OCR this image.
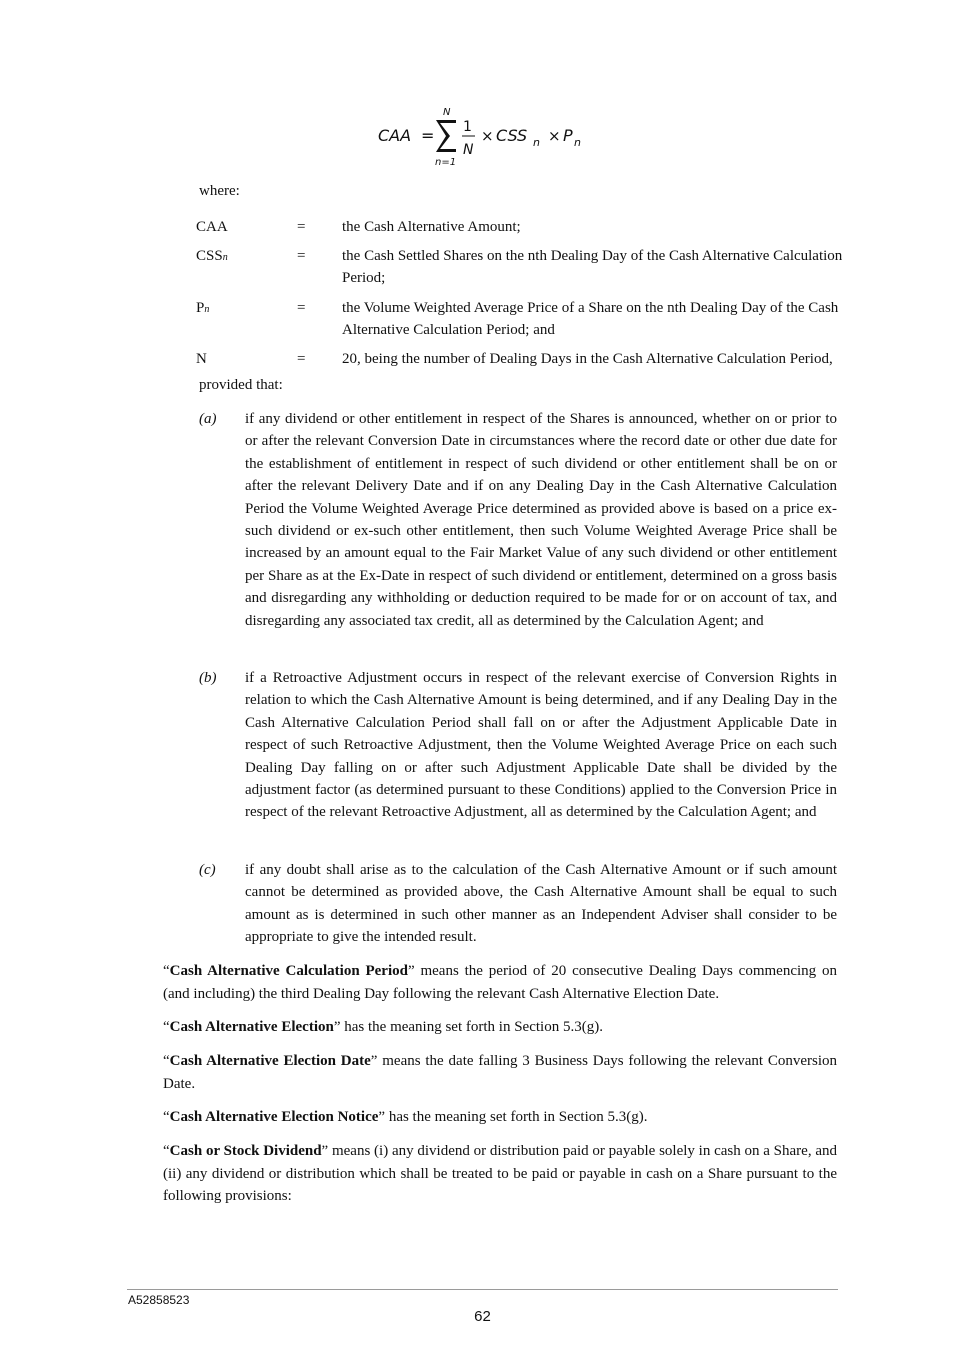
CAA =
N
n=1
1
N
× CSS n × P n
where:
CAA	= the Cash Alternative Amount;
CSSn	= the Cash Settled Shares on the nth Dealing Day of the Cash Alternative Calculation Period;
Pn	= the Volume Weighted Average Price of a Share on the nth Dealing Day of the Cash Alternative Calculation Period; and
N	= 20, being the number of Dealing Days in the Cash Alternative Calculation Period,
provided that:
(a) if any dividend or other entitlement in respect of the Shares is announced, whether on or prior to or after the relevant Conversion Date in circumstances where the record date or other due date for the establishment of entitlement in respect of such dividend or other entitlement shall be on or after the relevant Delivery Date and if on any Dealing Day in the Cash Alternative Calculation Period the Volume Weighted Average Price determined as provided above is based on a price ex-such dividend or ex-such other entitlement, then such Volume Weighted Average Price shall be increased by an amount equal to the Fair Market Value of any such dividend or other entitlement per Share as at the Ex-Date in respect of such dividend or entitlement, determined on a gross basis and disregarding any withholding or deduction required to be made for or on account of tax, and disregarding any associated tax credit, all as determined by the Calculation Agent; and
(b) if a Retroactive Adjustment occurs in respect of the relevant exercise of Conversion Rights in relation to which the Cash Alternative Amount is being determined, and if any Dealing Day in the Cash Alternative Calculation Period shall fall on or after the Adjustment Applicable Date in respect of such Retroactive Adjustment, then the Volume Weighted Average Price on each such Dealing Day falling on or after such Adjustment Applicable Date shall be divided by the adjustment factor (as determined pursuant to these Conditions) applied to the Conversion Price in respect of the relevant Retroactive Adjustment, all as determined by the Calculation Agent; and
(c) if any doubt shall arise as to the calculation of the Cash Alternative Amount or if such amount cannot be determined as provided above, the Cash Alternative Amount shall be equal to such amount as is determined in such other manner as an Independent Adviser shall consider to be appropriate to give the intended result.
“Cash Alternative Calculation Period” means the period of 20 consecutive Dealing Days commencing on (and including) the third Dealing Day following the relevant Cash Alternative Election Date.
“Cash Alternative Election” has the meaning set forth in Section 5.3(g).
“Cash Alternative Election Date” means the date falling 3 Business Days following the relevant Conversion Date.
“Cash Alternative Election Notice” has the meaning set forth in Section 5.3(g).
“Cash or Stock Dividend” means (i) any dividend or distribution paid or payable solely in cash on a Share, and (ii) any dividend or distribution which shall be treated to be paid or payable in cash on a Share pursuant to the following provisions:
A52858523
62
